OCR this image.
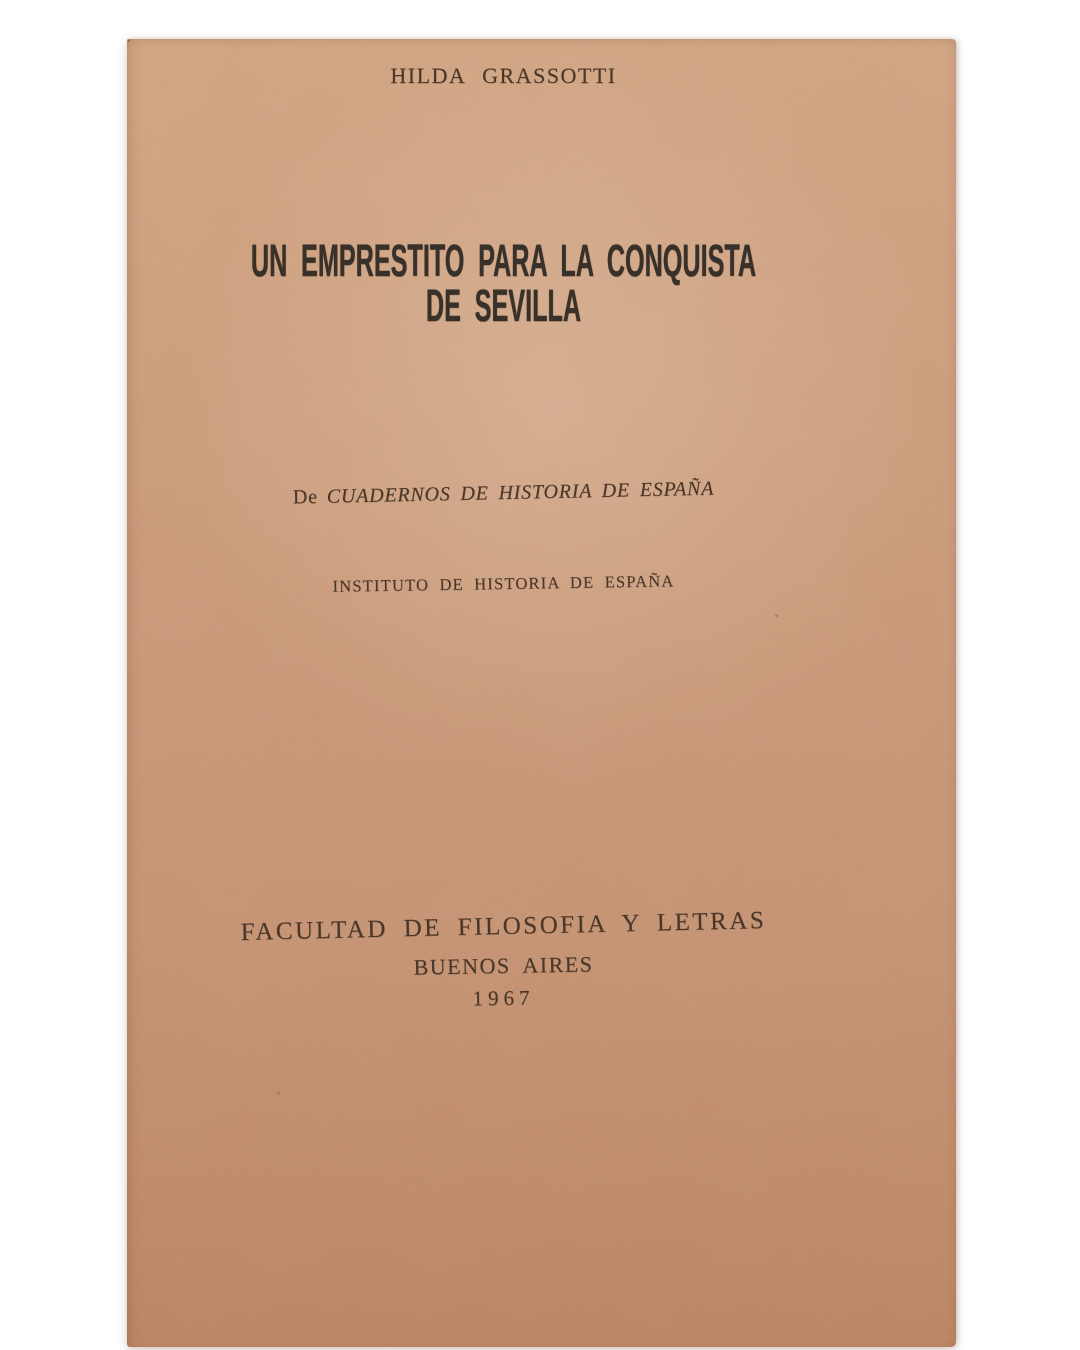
HILDA GRASSOTTI
UN EMPRESTITO PARA LA CONQUISTA
DE SEVILLA
De CUADERNOS DE HISTORIA DE ESPAÑA
INSTITUTO DE HISTORIA DE ESPAÑA
FACULTAD DE FILOSOFIA Y LETRAS
BUENOS AIRES
1967
